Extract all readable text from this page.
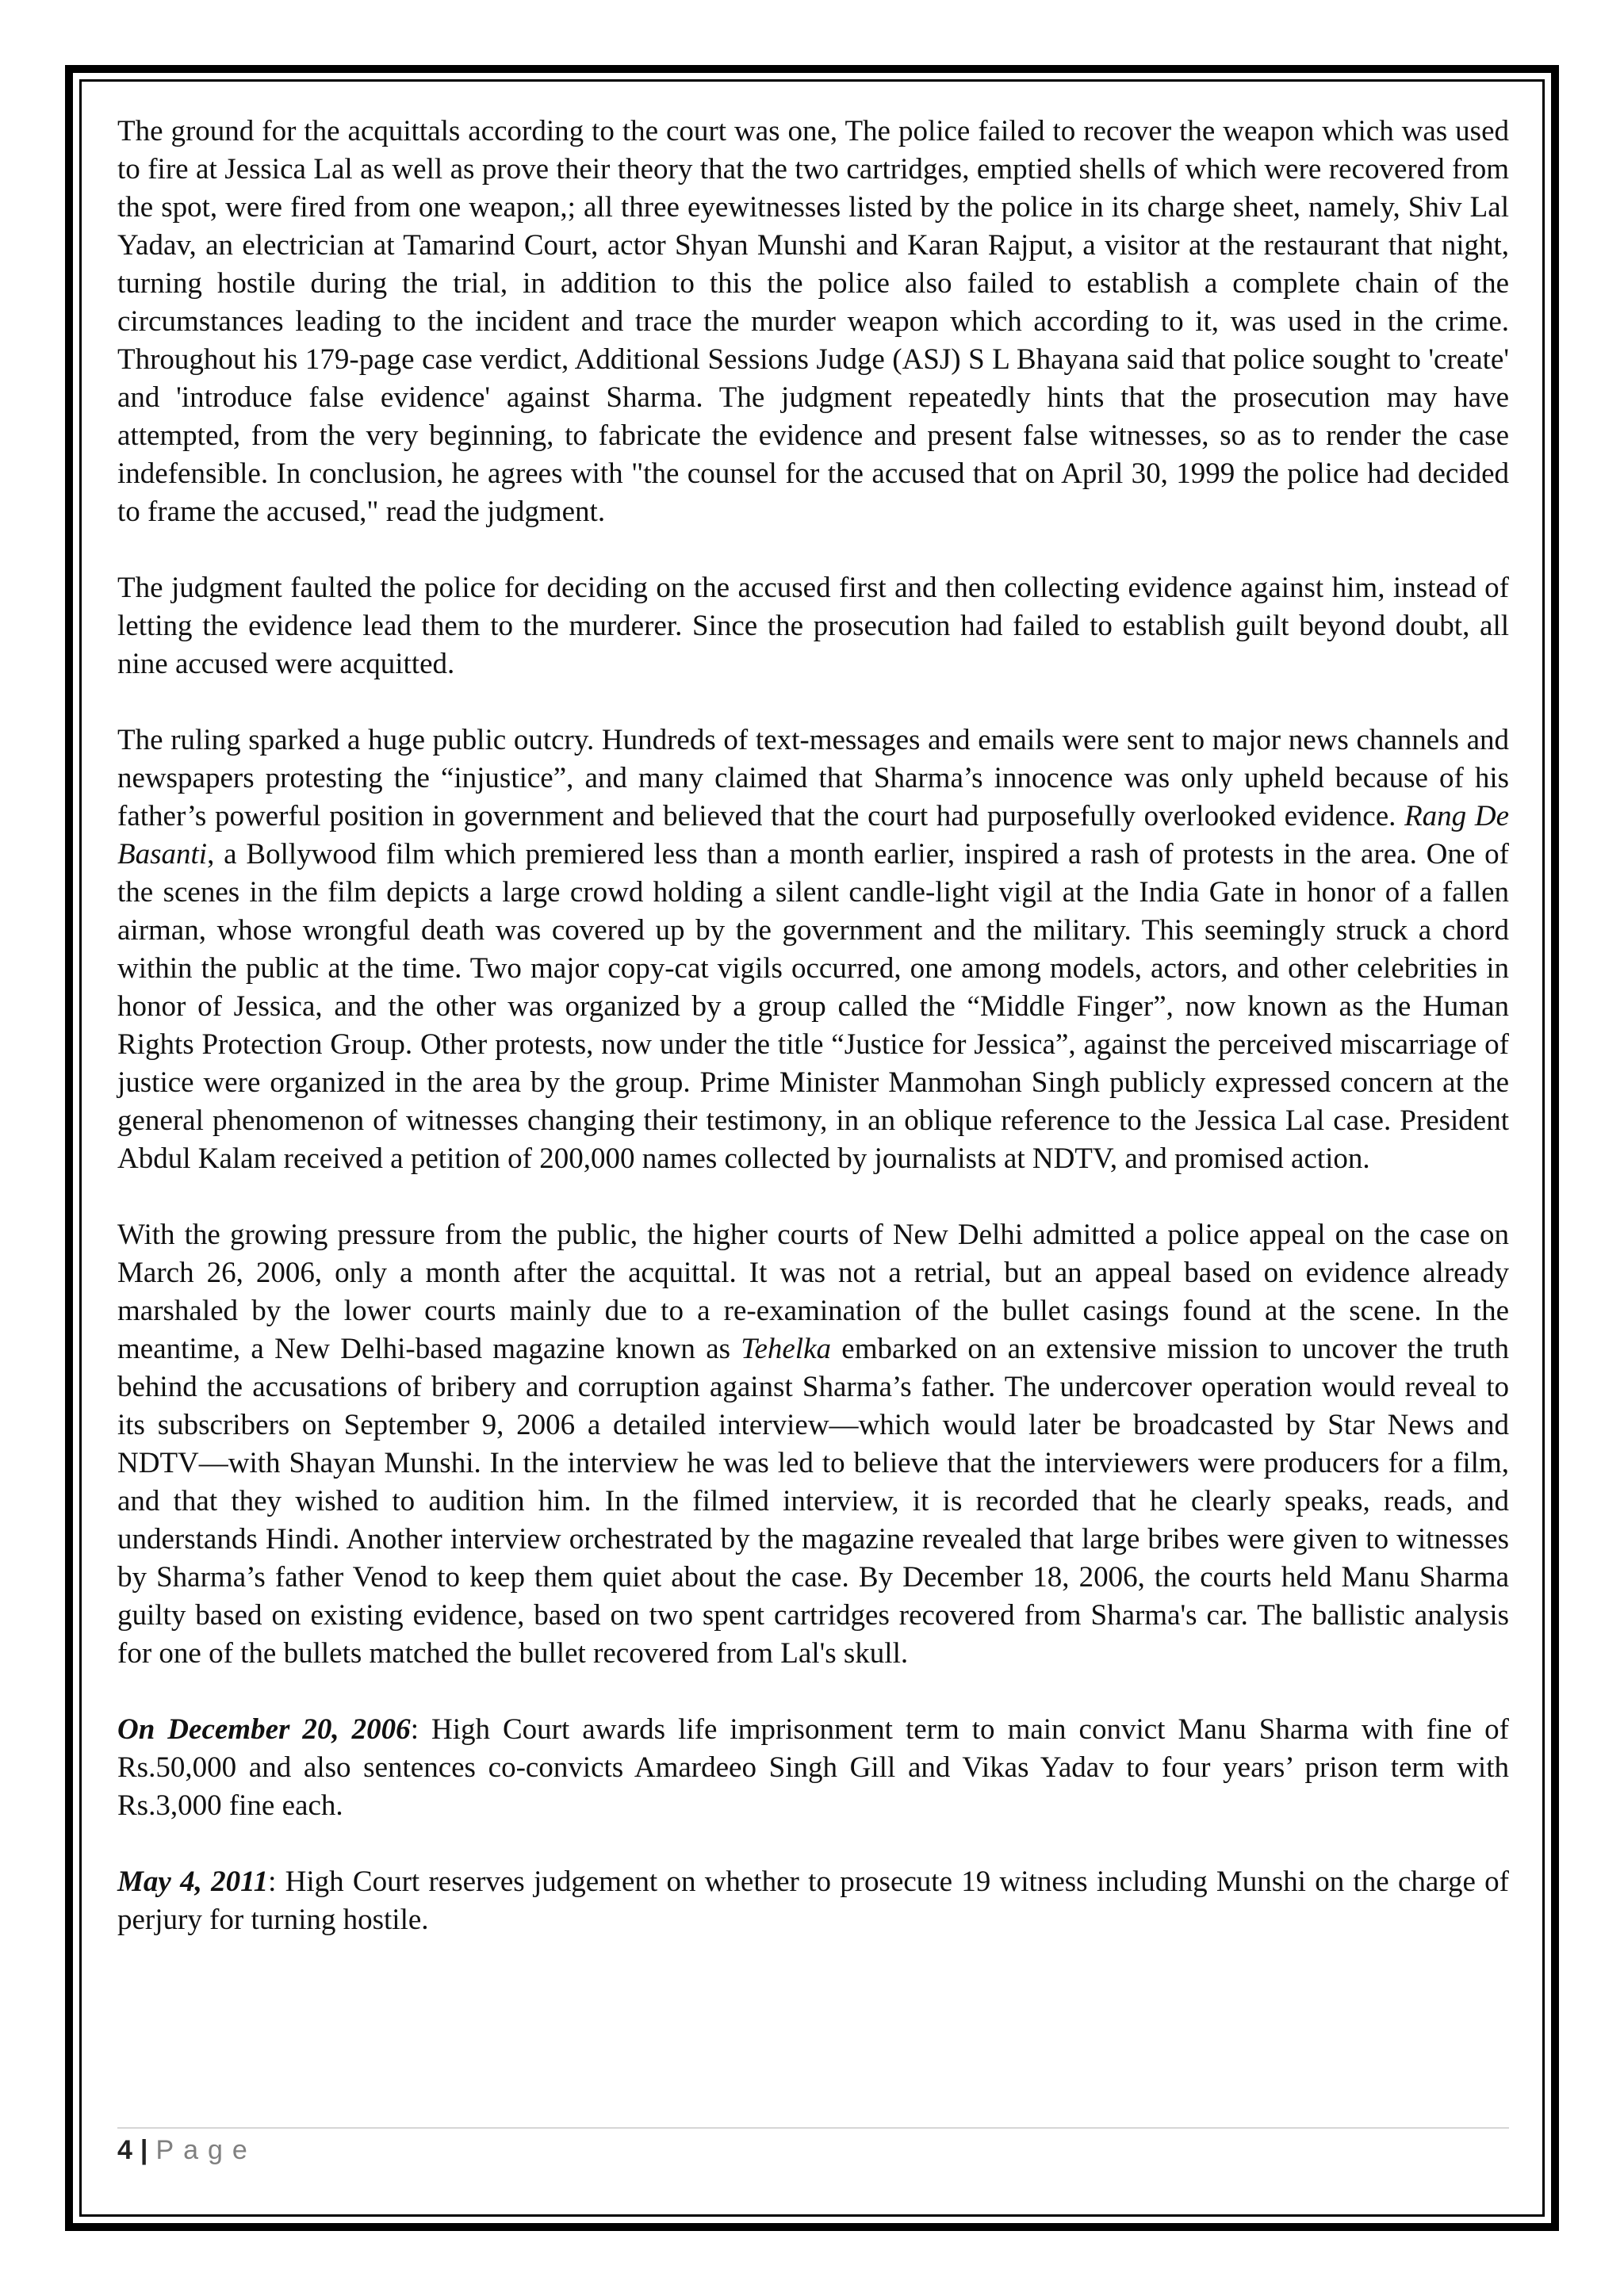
The ground for the acquittals according to the court was one, The police failed to recover the weapon which was used to fire at Jessica Lal as well as prove their theory that the two cartridges, emptied shells of which were recovered from the spot, were fired from one weapon,; all three eyewitnesses listed by the police in its charge sheet, namely, Shiv Lal Yadav, an electrician at Tamarind Court, actor Shyan Munshi and Karan Rajput, a visitor at the restaurant that night, turning hostile during the trial, in addition to this the police also failed to establish a complete chain of the circumstances leading to the incident and trace the murder weapon which according to it, was used in the crime. Throughout his 179-page case verdict, Additional Sessions Judge (ASJ) S L Bhayana said that police sought to 'create' and 'introduce false evidence' against Sharma. The judgment repeatedly hints that the prosecution may have attempted, from the very beginning, to fabricate the evidence and present false witnesses, so as to render the case indefensible. In conclusion, he agrees with "the counsel for the accused that on April 30, 1999 the police had decided to frame the accused," read the judgment.

The judgment faulted the police for deciding on the accused first and then collecting evidence against him, instead of letting the evidence lead them to the murderer. Since the prosecution had failed to establish guilt beyond doubt, all nine accused were acquitted.

The ruling sparked a huge public outcry. Hundreds of text-messages and emails were sent to major news channels and newspapers protesting the “injustice”, and many claimed that Sharma’s innocence was only upheld because of his father’s powerful position in government and believed that the court had purposefully overlooked evidence. Rang De Basanti, a Bollywood film which premiered less than a month earlier, inspired a rash of protests in the area. One of the scenes in the film depicts a large crowd holding a silent candle-light vigil at the India Gate in honor of a fallen airman, whose wrongful death was covered up by the government and the military. This seemingly struck a chord within the public at the time. Two major copy-cat vigils occurred, one among models, actors, and other celebrities in honor of Jessica, and the other was organized by a group called the “Middle Finger”, now known as the Human Rights Protection Group. Other protests, now under the title “Justice for Jessica”, against the perceived miscarriage of justice were organized in the area by the group. Prime Minister Manmohan Singh publicly expressed concern at the general phenomenon of witnesses changing their testimony, in an oblique reference to the Jessica Lal case. President Abdul Kalam received a petition of 200,000 names collected by journalists at NDTV, and promised action.

With the growing pressure from the public, the higher courts of New Delhi admitted a police appeal on the case on March 26, 2006, only a month after the acquittal. It was not a retrial, but an appeal based on evidence already marshaled by the lower courts mainly due to a re-examination of the bullet casings found at the scene. In the meantime, a New Delhi-based magazine known as Tehelka embarked on an extensive mission to uncover the truth behind the accusations of bribery and corruption against Sharma’s father. The undercover operation would reveal to its subscribers on September 9, 2006 a detailed interview—which would later be broadcasted by Star News and NDTV—with Shayan Munshi. In the interview he was led to believe that the interviewers were producers for a film, and that they wished to audition him. In the filmed interview, it is recorded that he clearly speaks, reads, and understands Hindi. Another interview orchestrated by the magazine revealed that large bribes were given to witnesses by Sharma’s father Venod to keep them quiet about the case. By December 18, 2006, the courts held Manu Sharma guilty based on existing evidence, based on two spent cartridges recovered from Sharma's car. The ballistic analysis for one of the bullets matched the bullet recovered from Lal's skull.

On December 20, 2006: High Court awards life imprisonment term to main convict Manu Sharma with fine of Rs.50,000 and also sentences co-convicts Amardeeo Singh Gill and Vikas Yadav to four years’ prison term with Rs.3,000 fine each.

May 4, 2011: High Court reserves judgement on whether to prosecute 19 witness including Munshi on the charge of perjury for turning hostile.

4 | Page
